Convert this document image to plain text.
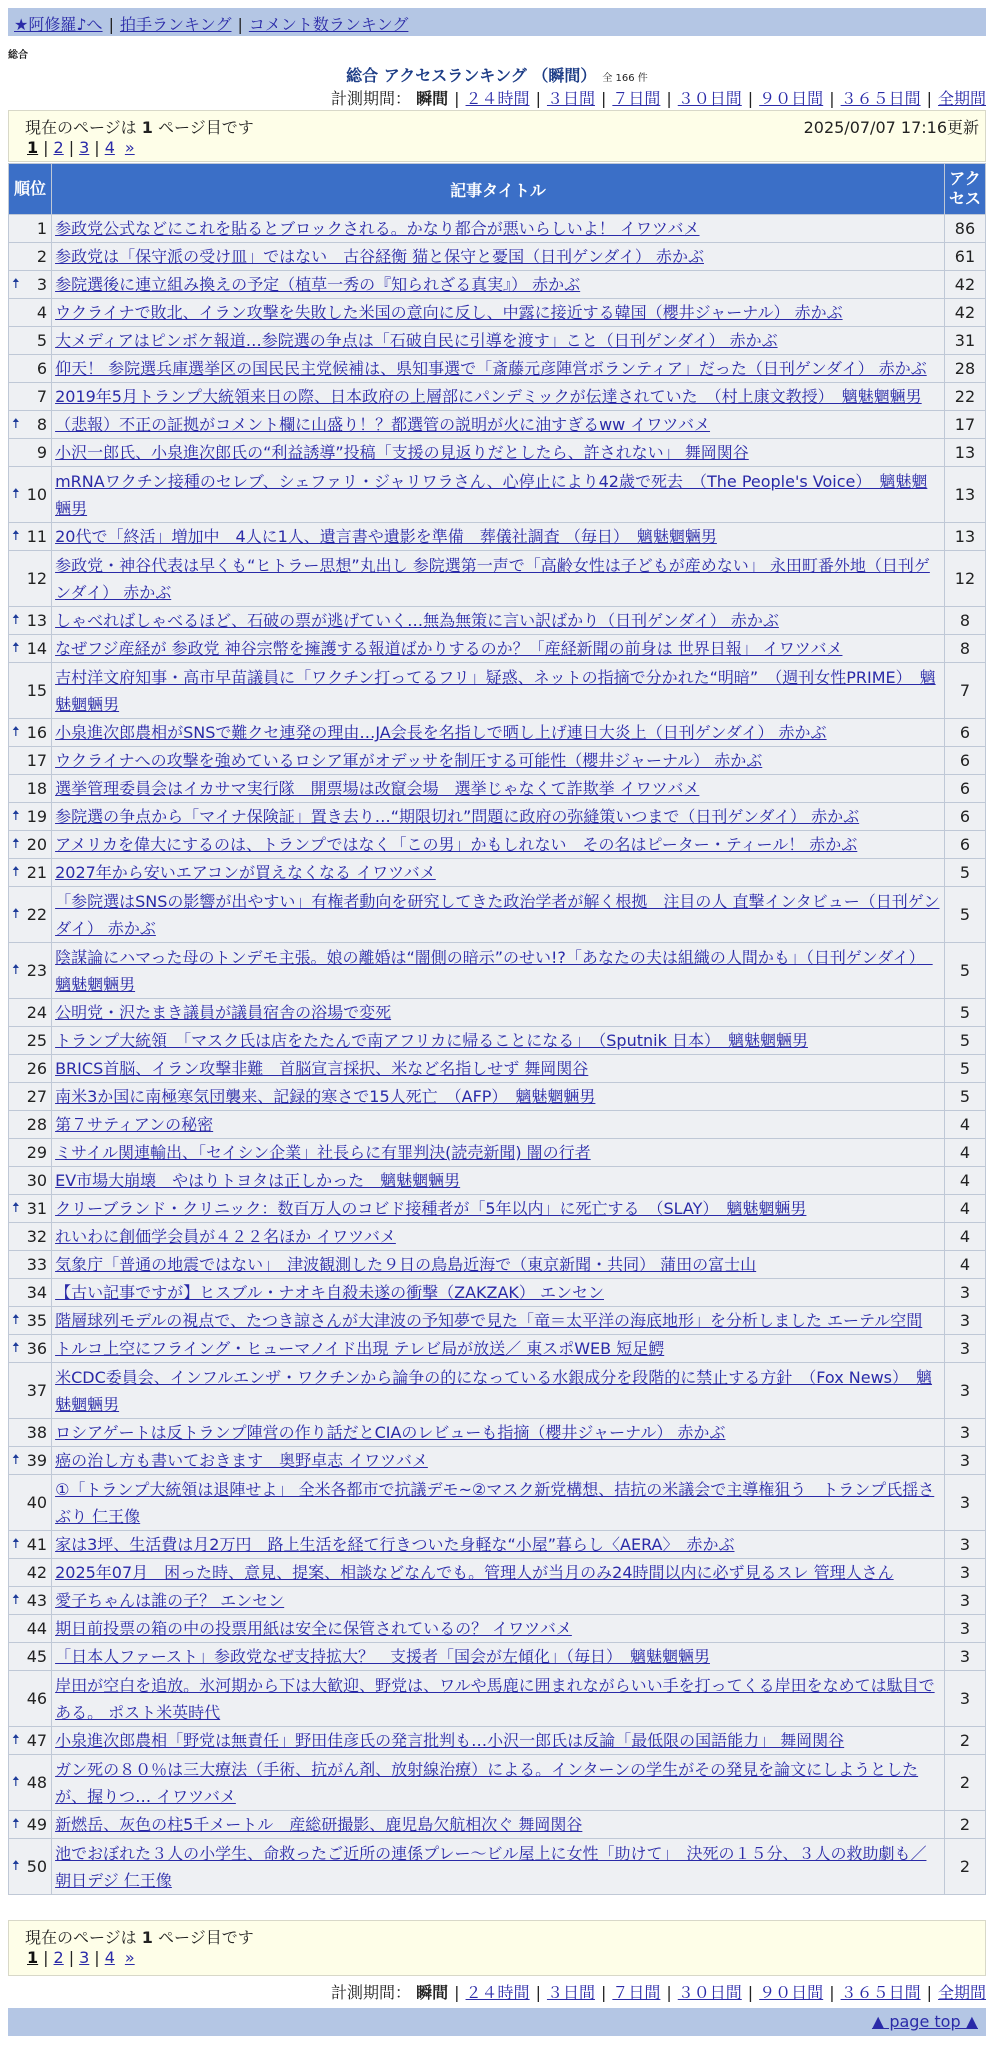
★阿修羅♪へ | 拍手ランキング | コメント数ランキング
総合
総合 アクセスランキング （瞬間） 全 166 件
計測期間： 瞬間 | ２４時間 | ３日間 | ７日間 | ３０日間 | ９０日間 | ３６５日間 | 全期間
現在のページは 1 ページ目です	2025/07/07 17:16更新
1 | 2 | 3 | 4 »
順位	記事タイトル	アクセス
1	参政党公式などにこれを貼るとブロックされる。かなり都合が悪いらしいよ！ イワツバメ	86
2	参政党は「保守派の受け皿」ではない　古谷経衡 猫と保守と憂国（日刊ゲンダイ） 赤かぶ	61

🠅 3	参院選後に連立組み換えの予定（植草一秀の『知られざる真実』） 赤かぶ	42
4	ウクライナで敗北、イラン攻撃を失敗した米国の意向に反し、中露に接近する韓国（櫻井ジャーナル） 赤かぶ	42
5	大メディアはピンボケ報道…参院選の争点は「石破自民に引導を渡す」こと（日刊ゲンダイ） 赤かぶ	31
6	仰天！ 参院選兵庫選挙区の国民民主党候補は、県知事選で「斎藤元彦陣営ボランティア」だった（日刊ゲンダイ） 赤かぶ	28
7	2019年5月トランプ大統領来日の際、日本政府の上層部にパンデミックが伝達されていた　（村上康文教授）　魑魅魍魎男	22

🠅 8	（悲報）不正の証拠がコメント欄に山盛り！？都選管の説明が火に油すぎるww イワツバメ	17
9	小沢一郎氏、小泉進次郎氏の“利益誘導”投稿「支援の見返りだとしたら、許されない」 舞岡関谷	13

🠅 10	mRNAワクチン接種のセレブ、シェファリ・ジャリワラさん、心停止により42歳で死去　（The People's Voice）　魑魅魍魎男	13

🠅 11	20代で「終活」増加中　4人に1人、遺言書や遺影を準備　葬儀社調査 （毎日）　魑魅魍魎男	13
12	参政党・神谷代表は早くも“ヒトラー思想”丸出し 参院選第一声で「高齢女性は子どもが産めない」 永田町番外地（日刊ゲンダイ） 赤かぶ	12

🠅 13	しゃべればしゃべるほど、石破の票が逃げていく…無為無策に言い訳ばかり（日刊ゲンダイ） 赤かぶ	8

🠅 14	なぜフジ産経が 参政党 神谷宗幣を擁護する報道ばかりするのか？「産経新聞の前身は 世界日報」 イワツバメ	8
15	吉村洋文府知事・高市早苗議員に「ワクチン打ってるフリ」疑惑、ネットの指摘で分かれた“明暗”　（週刊女性PRIME）　魑魅魍魎男	7

🠅 16	小泉進次郎農相がSNSで難クセ連発の理由…JA会長を名指しで晒し上げ連日大炎上（日刊ゲンダイ） 赤かぶ	6
17	ウクライナへの攻撃を強めているロシア軍がオデッサを制圧する可能性（櫻井ジャーナル） 赤かぶ	6
18	選挙管理委員会はイカサマ実行隊　開票場は改竄会場　選挙じゃなくて詐欺挙 イワツバメ	6

🠅 19	参院選の争点から「マイナ保険証」置き去り…“期限切れ”問題に政府の弥縫策いつまで（日刊ゲンダイ） 赤かぶ	6

🠅 20	アメリカを偉大にするのは、トランプではなく「この男」かもしれない　その名はピーター・ティール！ 赤かぶ	6

🠅 21	2027年から安いエアコンが買えなくなる イワツバメ	5

🠅 22	「参院選はSNSの影響が出やすい」有権者動向を研究してきた政治学者が解く根拠　注目の人 直撃インタビュー（日刊ゲンダイ） 赤かぶ	5

🠅 23	陰謀論にハマった母のトンデモ主張。娘の離婚は“闇側の暗示”のせい!?「あなたの夫は組織の人間かも」（日刊ゲンダイ）　魑魅魍魎男	5
24	公明党・沢たまき議員が議員宿舎の浴場で変死	5
25	トランプ大統領　「マスク氏は店をたたんで南アフリカに帰ることになる」　（Sputnik 日本）　魑魅魍魎男	5
26	BRICS首脳、イラン攻撃非難　首脳宣言採択、米など名指しせず 舞岡関谷	5
27	南米3か国に南極寒気団襲来、記録的寒さで15人死亡　（AFP）　魑魅魍魎男	5
28	第７サティアンの秘密	4
29	ミサイル関連輸出、「セイシン企業」社長らに有罪判決(読売新聞) 闇の行者	4
30	EV市場大崩壊　やはりトヨタは正しかった　魑魅魍魎男	4

🠅 31	クリーブランド・クリニック：数百万人のコビド接種者が「5年以内」に死亡する　（SLAY）　魑魅魍魎男	4
32	れいわに創価学会員が４２２名ほか イワツバメ	4
33	気象庁「普通の地震ではない」　津波観測した９日の鳥島近海で（東京新聞・共同） 蒲田の富士山	4
34	【古い記事ですが】ヒスブル・ナオキ自殺未遂の衝撃（ZAKZAK） エンセン	3

🠅 35	階層球列モデルの視点で、たつき諒さんが大津波の予知夢で見た「竜＝太平洋の海底地形」を分析しました エーテル空間	3

🠅 36	トルコ上空にフライング・ヒューマノイド出現 テレビ局が放送／ 東スポWEB 短足鰐	3
37	米CDC委員会、インフルエンザ・ワクチンから論争の的になっている水銀成分を段階的に禁止する方針　（Fox News）　魑魅魍魎男	3
38	ロシアゲートは反トランプ陣営の作り話だとCIAのレビューも指摘（櫻井ジャーナル） 赤かぶ	3

🠅 39	癌の治し方も書いておきます　奥野卓志 イワツバメ	3
40	①「トランプ大統領は退陣せよ」 全米各都市で抗議デモ~②マスク新党構想、拮抗の米議会で主導権狙う　トランプ氏揺さぶり 仁王像	3

🠅 41	家は3坪、生活費は月2万円　路上生活を経て行きついた身軽な“小屋”暮らし〈AERA〉　赤かぶ	3
42	2025年07月　困った時、意見、提案、相談などなんでも。管理人が当月のみ24時間以内に必ず見るスレ 管理人さん	3

🠅 43	愛子ちゃんは誰の子？ エンセン	3
44	期日前投票の箱の中の投票用紙は安全に保管されているの？ イワツバメ	3
45	「日本人ファースト」参政党なぜ支持拡大？　支援者「国会が左傾化」（毎日）　魑魅魍魎男	3
46	岸田が空白を追放。氷河期から下は大歓迎、野党は、ワルや馬鹿に囲まれながらいい手を打ってくる岸田をなめては駄目である。 ポスト米英時代	3

🠅 47	小泉進次郎農相「野党は無責任」野田佳彦氏の発言批判も…小沢一郎氏は反論「最低限の国語能力」 舞岡関谷	2

🠅 48	ガン死の８０％は三大療法（手術、抗がん剤、放射線治療）による。インターンの学生がその発見を論文にしようとしたが、握りつ… イワツバメ	2

🠅 49	新燃岳、灰色の柱5千メートル　産総研撮影、鹿児島欠航相次ぐ 舞岡関谷	2

🠅 50	池でおぼれた３人の小学生、命救ったご近所の連係プレー～ビル屋上に女性「助けて」　決死の１５分、３人の救助劇も／朝日デジ 仁王像	2
現在のページは 1 ページ目です
1 | 2 | 3 | 4 »
計測期間： 瞬間 | ２４時間 | ３日間 | ７日間 | ３０日間 | ９０日間 | ３６５日間 | 全期間
▲ page top ▲
